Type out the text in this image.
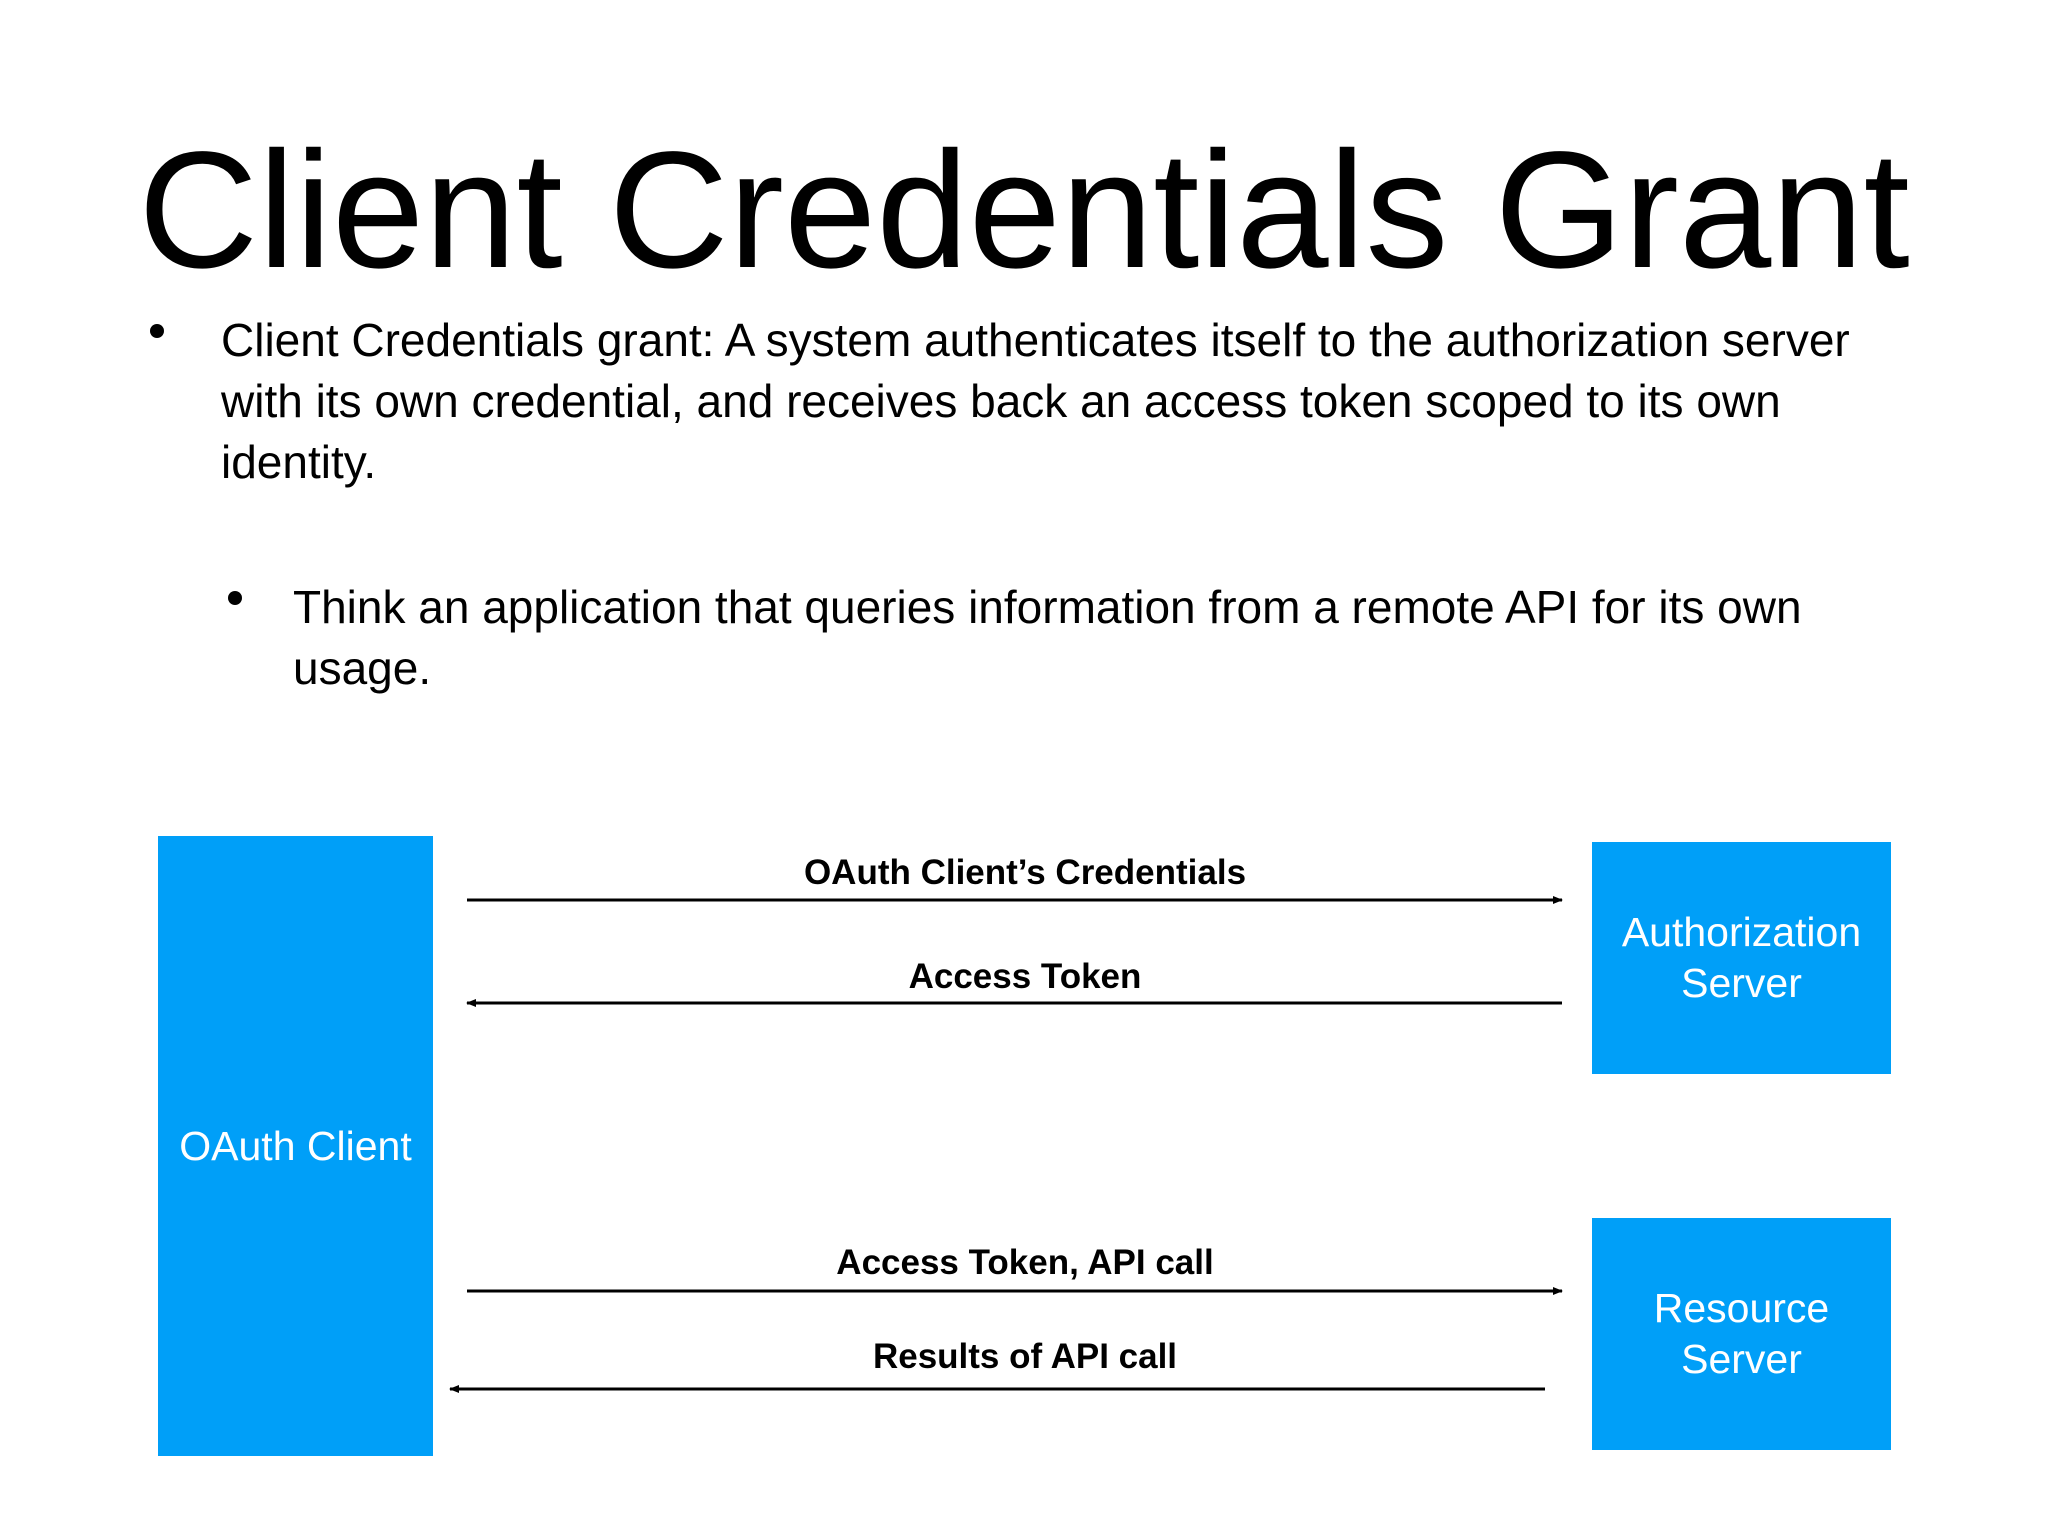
Client Credentials Grant
Client Credentials grant: A system authenticates itself to the authorization server with its own credential, and receives back an access token scoped to its own identity.
Think an application that queries information from a remote API for its own usage.
OAuth Client
Authorization
Server
Resource
Server
OAuth Client’s Credentials
Access Token
Access Token, API call
Results of API call
